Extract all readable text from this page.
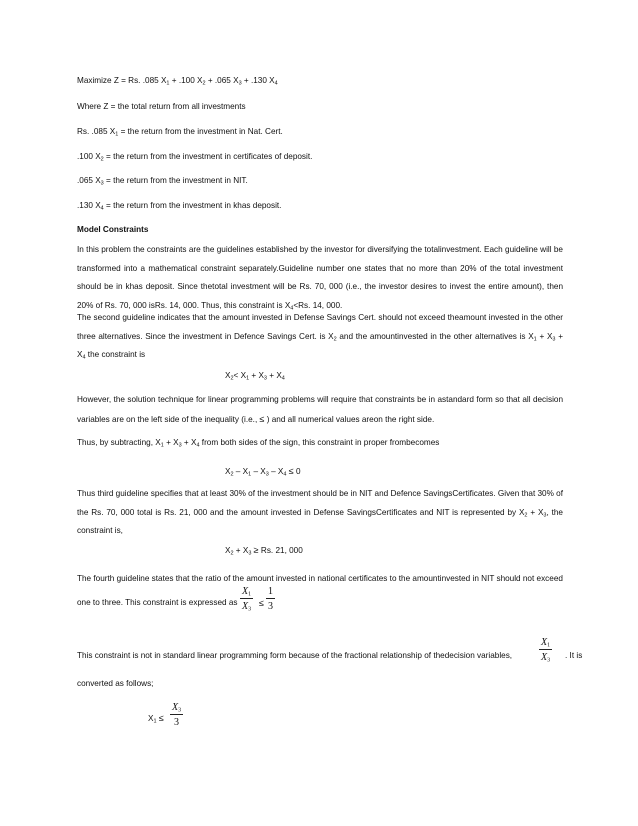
Maximize Z = Rs. .085 $X_1 + .100$ $X_2 + .065$ $X_3 + .130$ $X_4$
Where Z = the total return from all investments
Rs. .085 $X_1$ = the return from the investment in Nat. Cert.
.100 $X_2$ = the return from the investment in certificates of deposit.
.065 $X_3$ = the return from the investment in NIT.
.130 $X_4$ = the return from the investment in khas deposit.
Model Constraints
In this problem the constraints are the guidelines established by the investor for diversifying the totalinvestment. Each guideline will be transformed into a mathematical constraint separately.Guideline number one states that no more than 20% of the total investment should be in khas deposit. Since thetotal investment will be Rs. 70, 000 (i.e., the investor desires to invest the entire amount), then 20% of Rs. 70, 000 isRs. 14, 000. Thus, this constraint is $X_4<Rs$. 14, 000.
The second guideline indicates that the amount invested in Defense Savings Cert. should not exceed theamount invested in the other three alternatives. Since the investment in Defence Savings Cert. is $X_2$ and the amountinvested in the other alternatives is $X_1 + X_3 + X_4$ the constraint is
$X_2< X_1 + X_3 + X_4$
However, the solution technique for linear programming problems will require that constraints be in astandard form so that all decision variables are on the left side of the inequality (i.e., ≤ ) and all numerical values areon the right side.
Thus, by subtracting, $X_1 + X_3 + X_4$ from both sides of the sign, this constraint in proper frombecomes
$X_2 - X_1 - X_3 - X_4 \le 0$
Thus third guideline specifies that at least 30% of the investment should be in NIT and Defence SavingsCertificates. Given that 30% of the Rs. 70, 000 total is Rs. 21, 000 and the amount invested in Defense SavingsCertificates and NIT is represented by $X_2 + X_3$, the constraint is,
$X_2 + X_3 \ge Rs$. 21, 000
The fourth guideline states that the ratio of the amount invested in national certificates to the amountinvested in NIT should not exceed
one to three. This constraint is expressed as $\frac{X_1}{X_3} \le \frac{1}{3}$
This constraint is not in standard linear programming form because of the fractional relationship of thedecision variables,	$\frac{X_1}{X_3}$ . It is
converted as follows;
$X_1 \le \frac{X_3}{3}$
